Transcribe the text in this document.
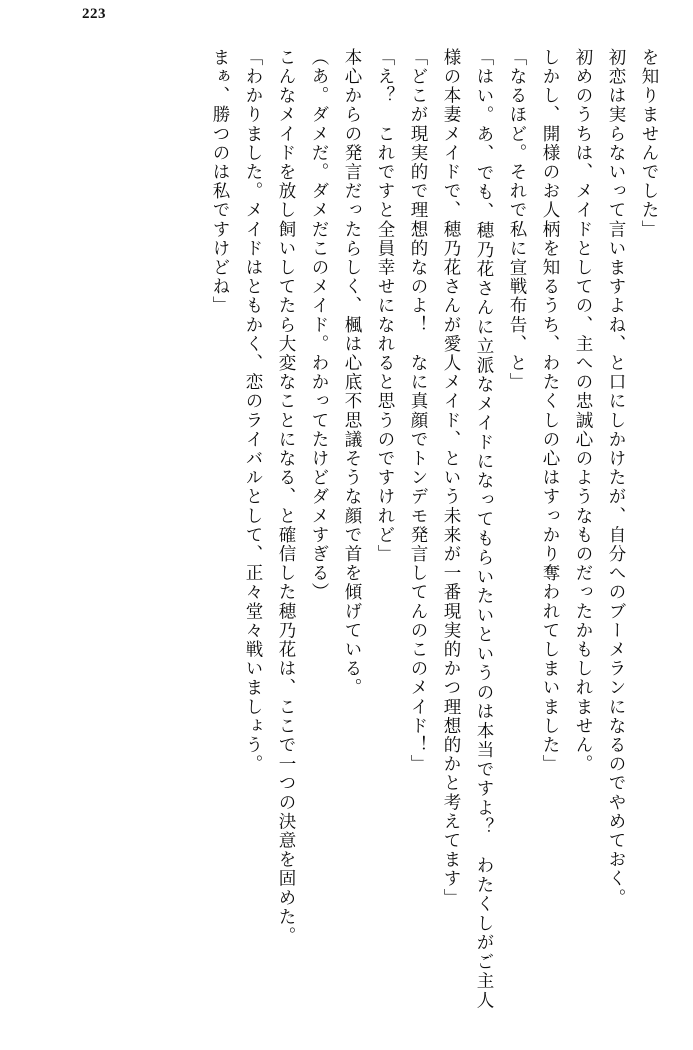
223

を知りませんでした」

初恋は実らないって言いますよね、と口にしかけたが、自分へのブーメランになるのでやめておく。

初めのうちは、メイドとしての、主への忠誠心のようなものだったかもしれません。

しかし、開様のお人柄を知るうち、わたくしの心はすっかり奪われてしまいました」

「なるほど。それで私に宣戦布告、と」

「はい。あ、でも、穂乃花さんに立派なメイドになってもらいたいというのは本当ですよ？　わたくしがご主人様の本妻メイドで、穂乃花さんが愛人メイド、という未来が一番現実的かつ理想的かと考えてます」

「どこが現実的で理想的なのよ！　なに真顔でトンデモ発言してんのこのメイド！」

「え？　これですと全員幸せになれると思うのですけれど」

本心からの発言だったらしく、楓は心底不思議そうな顔で首を傾げている。

（あ。ダメだ。ダメだこのメイド。わかってたけどダメすぎる）

こんなメイドを放し飼いしてたら大変なことになる、と確信した穂乃花は、ここで一つの決意を固めた。

「わかりました。メイドはともかく、恋のライバルとして、正々堂々戦いましょう。

まぁ、勝つのは私ですけどね」
